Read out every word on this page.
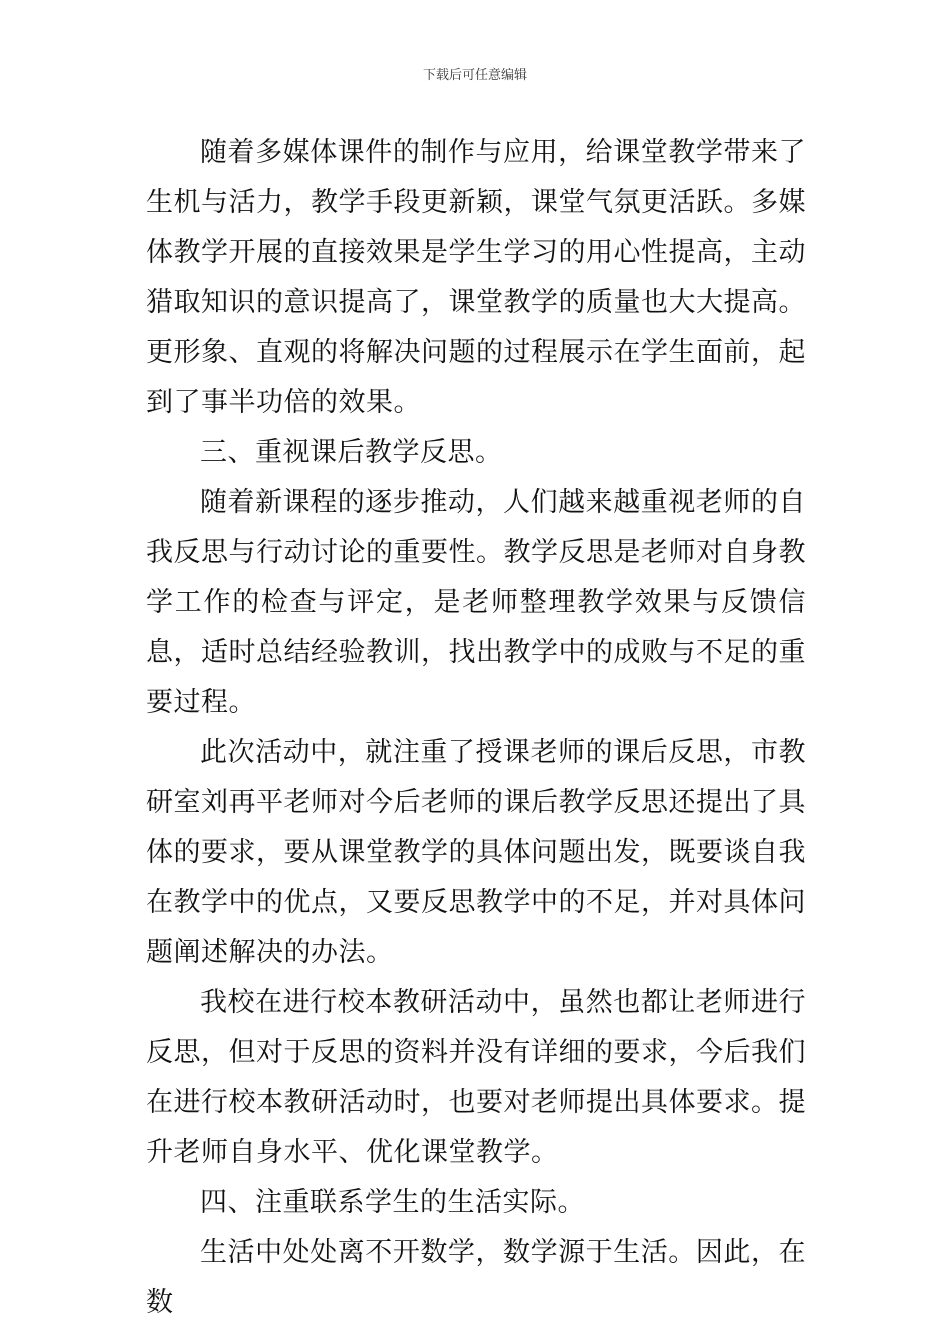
下载后可任意编辑

随着多媒体课件的制作与应用，给课堂教学带来了生机与活力，教学手段更新颖，课堂气氛更活跃。多媒体教学开展的直接效果是学生学习的用心性提高，主动猎取知识的意识提高了，课堂教学的质量也大大提高。更形象、直观的将解决问题的过程展示在学生面前，起到了事半功倍的效果。

三、重视课后教学反思。

随着新课程的逐步推动，人们越来越重视老师的自我反思与行动讨论的重要性。教学反思是老师对自身教学工作的检查与评定，是老师整理教学效果与反馈信息，适时总结经验教训，找出教学中的成败与不足的重要过程。

此次活动中，就注重了授课老师的课后反思，市教研室刘再平老师对今后老师的课后教学反思还提出了具体的要求，要从课堂教学的具体问题出发，既要谈自我在教学中的优点，又要反思教学中的不足，并对具体问题阐述解决的办法。

我校在进行校本教研活动中，虽然也都让老师进行反思，但对于反思的资料并没有详细的要求，今后我们在进行校本教研活动时，也要对老师提出具体要求。提升老师自身水平、优化课堂教学。

四、注重联系学生的生活实际。

生活中处处离不开数学，数学源于生活。因此，在数
